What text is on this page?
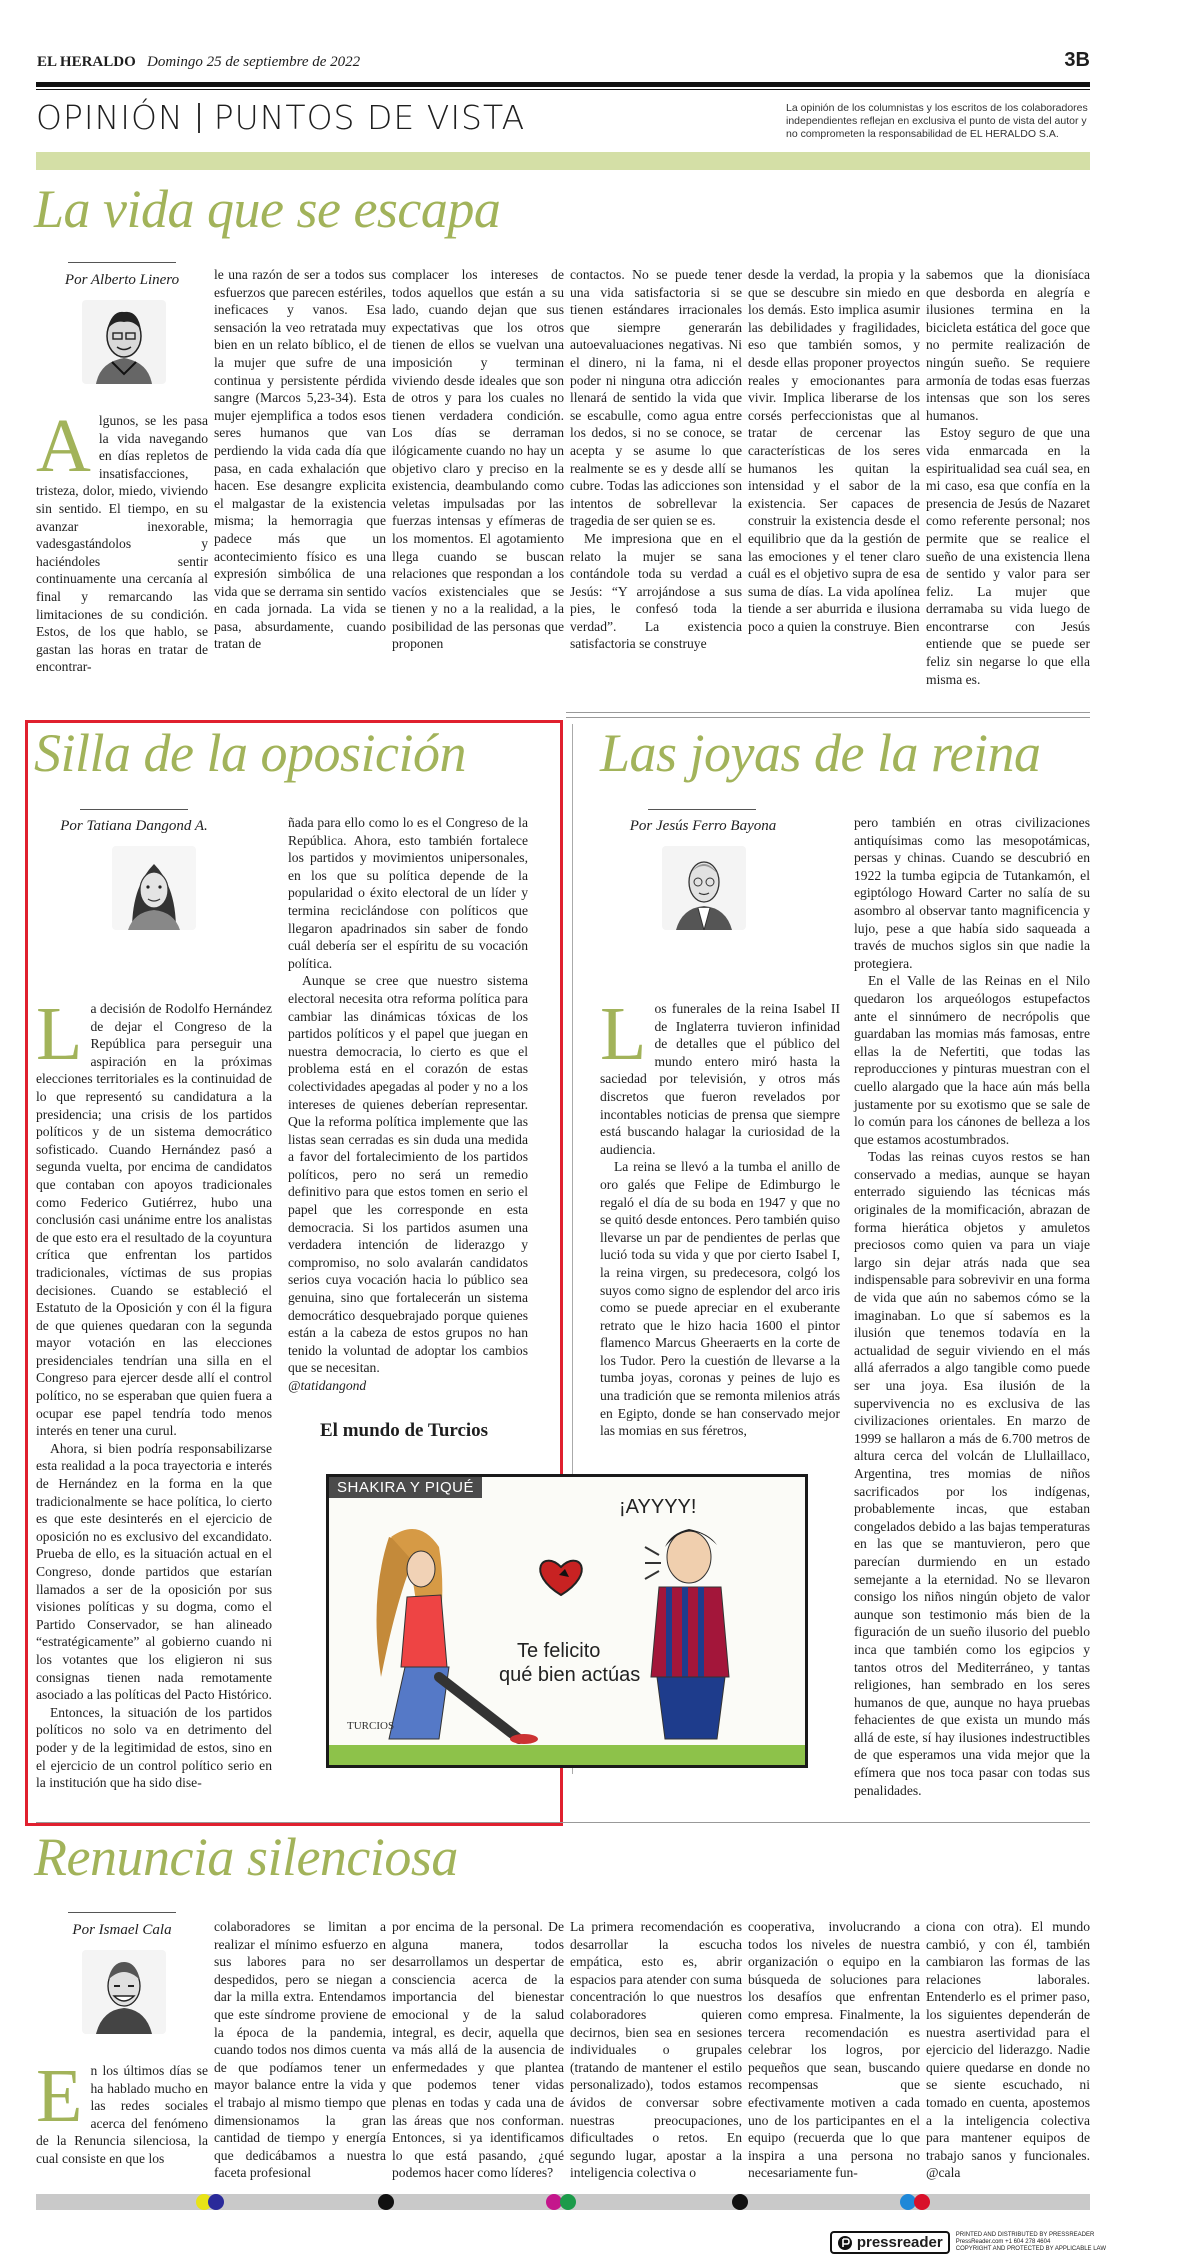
EL HERALDO Domingo 25 de septiembre de 2022	3B
OPINIÓN PUNTOS DE VISTA	La opinión de los columnistas y los escritos de los colaboradores independientes reflejan en exclusiva el punto de vista del autor y no comprometen la responsabilidad de EL HERALDO S.A.
La vida que se escapa
Por Alberto Linero
A lgunos, se les pasa la vida navegando en días repletos de insatisfacciones, tristeza, dolor, miedo, viviendo sin sentido. El tiempo, en su avanzar inexorable, vadesgastándolos y haciéndoles sentir continuamente una cercanía al final y remarcando las limitaciones de su condición. Estos, de los que hablo, se gastan las horas en tratar de encontrar-

le una razón de ser a todos sus esfuerzos que parecen estériles, ineficaces y vanos. Esa sensación la veo retratada muy bien en un relato bíblico, el de la mujer que sufre de una continua y persistente pérdida sangre (Marcos 5,23-34). Esta mujer ejemplifica a todos esos seres humanos que van perdiendo la vida cada día que pasa, en cada exhalación que hacen. Ese desangre explicita el malgastar de la existencia misma; la hemorragia que padece más que un acontecimiento físico es una expresión simbólica de una vida que se derrama sin sentido en cada jornada. La vida se pasa, absurdamente, cuando tratan de

complacer los intereses de todos aquellos que están a su lado, cuando dejan que sus expectativas que los otros tienen de ellos se vuelvan una imposición y terminan viviendo desde ideales que son de otros y para los cuales no tienen verdadera condición. Los días se derraman ilógicamente cuando no hay un objetivo claro y preciso en la existencia, deambulando como veletas impulsadas por las fuerzas intensas y efímeras de los momentos. El agotamiento llega cuando se buscan relaciones que respondan a los vacíos existenciales que se tienen y no a la realidad, a la posibilidad de las personas que proponen

contactos. No se puede tener una vida satisfactoria si se tienen estándares irracionales que siempre generarán autoevaluaciones negativas. Ni el dinero, ni la fama, ni el poder ni ninguna otra adicción llenará de sentido la vida que se escabulle, como agua entre los dedos, si no se conoce, se acepta y se asume lo que realmente se es y desde allí se cubre. Todas las adicciones son intentos de sobrellevar la tragedia de ser quien se es.

Me impresiona que en el relato la mujer se sana contándole toda su verdad a Jesús: “Y arrojándose a sus pies, le confesó toda la verdad”. La existencia satisfactoria se construye

desde la verdad, la propia y la que se descubre sin miedo en los demás. Esto implica asumir las debilidades y fragilidades, eso que también somos, y desde ellas proponer proyectos reales y emocionantes para vivir. Implica liberarse de los corsés perfeccionistas que al tratar de cercenar las características de los seres humanos les quitan la intensidad y el sabor de la existencia. Ser capaces de construir la existencia desde el equilibrio que da la gestión de las emociones y el tener claro cuál es el objetivo supra de esa suma de días. La vida apolínea tiende a ser aburrida e ilusiona poco a quien la construye. Bien

sabemos que la dionisíaca que desborda en alegría e ilusiones termina en la bicicleta estática del goce que no permite realización de ningún sueño. Se requiere armonía de todas esas fuerzas intensas que son los seres humanos.

Estoy seguro de que una vida enmarcada en la espiritualidad sea cuál sea, en mi caso, esa que confía en la presencia de Jesús de Nazaret como referente personal; nos permite que se realice el sueño de una existencia llena de sentido y valor para ser feliz. La mujer que derramaba su vida luego de encontrarse con Jesús entiende que se puede ser feliz sin negarse lo que ella misma es.

Silla de la oposición
Por Tatiana Dangond A.
L a decisión de Rodolfo Hernández de dejar el Congreso de la República para perseguir una aspiración en la próximas elecciones territoriales es la continuidad de lo que representó su candidatura a la presidencia; una crisis de los partidos políticos y de un sistema democrático sofisticado. Cuando Hernández pasó a segunda vuelta, por encima de candidatos que contaban con apoyos tradicionales como Federico Gutiérrez, hubo una conclusión casi unánime entre los analistas de que esto era el resultado de la coyuntura crítica que enfrentan los partidos tradicionales, víctimas de sus propias decisiones. Cuando se estableció el Estatuto de la Oposición y con él la figura de que quienes quedaran con la segunda mayor votación en las elecciones presidenciales tendrían una silla en el Congreso para ejercer desde allí el control político, no se esperaban que quien fuera a ocupar ese papel tendría todo menos interés en tener una curul.

Ahora, si bien podría responsabilizarse esta realidad a la poca trayectoria e interés de Hernández en la forma en la que tradicionalmente se hace política, lo cierto es que este desinterés en el ejercicio de oposición no es exclusivo del excandidato. Prueba de ello, es la situación actual en el Congreso, donde partidos que estarían llamados a ser de la oposición por sus visiones políticas y su dogma, como el Partido Conservador, se han alineado “estratégicamente” al gobierno cuando ni los votantes que los eligieron ni sus consignas tienen nada remotamente asociado a las políticas del Pacto Histórico.

Entonces, la situación de los partidos políticos no solo va en detrimento del poder y de la legitimidad de estos, sino en el ejercicio de un control político serio en la institución que ha sido dise-

ñada para ello como lo es el Congreso de la República. Ahora, esto también fortalece los partidos y movimientos unipersonales, en los que su política depende de la popularidad o éxito electoral de un líder y termina reciclándose con políticos que llegaron apadrinados sin saber de fondo cuál debería ser el espíritu de su vocación política.

Aunque se cree que nuestro sistema electoral necesita otra reforma política para cambiar las dinámicas tóxicas de los partidos políticos y el papel que juegan en nuestra democracia, lo cierto es que el problema está en el corazón de estas colectividades apegadas al poder y no a los intereses de quienes deberían representar. Que la reforma política implemente que las listas sean cerradas es sin duda una medida a favor del fortalecimiento de los partidos políticos, pero no será un remedio definitivo para que estos tomen en serio el papel que les corresponde en esta democracia. Si los partidos asumen una verdadera intención de liderazgo y compromiso, no solo avalarán candidatos serios cuya vocación hacia lo público sea genuina, sino que fortalecerán un sistema democrático desquebrajado porque quienes están a la cabeza de estos grupos no han tenido la voluntad de adoptar los cambios que se necesitan.

@tatidangond

El mundo de Turcios
SHAKIRA Y PIQUÉ
Te felicito
qué bien actúas
¡AYYYY!
TURCIOS
Las joyas de la reina
Por Jesús Ferro Bayona
L os funerales de la reina Isabel II de Inglaterra tuvieron infinidad de detalles que el público del mundo entero miró hasta la saciedad por televisión, y otros más discretos que fueron revelados por incontables noticias de prensa que siempre está buscando halagar la curiosidad de la audiencia.

La reina se llevó a la tumba el anillo de oro galés que Felipe de Edimburgo le regaló el día de su boda en 1947 y que no se quitó desde entonces. Pero también quiso llevarse un par de pendientes de perlas que lució toda su vida y que por cierto Isabel I, la reina virgen, su predecesora, colgó los suyos como signo de esplendor del arco iris como se puede apreciar en el exuberante retrato que le hizo hacia 1600 el pintor flamenco Marcus Gheeraerts en la corte de los Tudor. Pero la cuestión de llevarse a la tumba joyas, coronas y peines de lujo es una tradición que se remonta milenios atrás en Egipto, donde se han conservado mejor las momias en sus féretros,

pero también en otras civilizaciones antiquísimas como las mesopotámicas, persas y chinas. Cuando se descubrió en 1922 la tumba egipcia de Tutankamón, el egiptólogo Howard Carter no salía de su asombro al observar tanto magnificencia y lujo, pese a que había sido saqueada a través de muchos siglos sin que nadie la protegiera.

En el Valle de las Reinas en el Nilo quedaron los arqueólogos estupefactos ante el sinnúmero de necrópolis que guardaban las momias más famosas, entre ellas la de Nefertiti, que todas las reproducciones y pinturas muestran con el cuello alargado que la hace aún más bella justamente por su exotismo que se sale de lo común para los cánones de belleza a los que estamos acostumbrados.

Todas las reinas cuyos restos se han conservado a medias, aunque se hayan enterrado siguiendo las técnicas más originales de la momificación, abrazan de forma hierática objetos y amuletos preciosos como quien va para un viaje largo sin dejar atrás nada que sea indispensable para sobrevivir en una forma de vida que aún no sabemos cómo se la imaginaban. Lo que sí sabemos es la ilusión que tenemos todavía en la actualidad de seguir viviendo en el más allá aferrados a algo tangible como puede ser una joya. Esa ilusión de la supervivencia no es exclusiva de las civilizaciones orientales. En marzo de 1999 se hallaron a más de 6.700 metros de altura cerca del volcán de Llullaillaco, Argentina, tres momias de niños sacrificados por los indígenas, probablemente incas, que estaban congelados debido a las bajas temperaturas en las que se mantuvieron, pero que parecían durmiendo en un estado semejante a la eternidad. No se llevaron consigo los niños ningún objeto de valor aunque son testimonio más bien de la figuración de un sueño ilusorio del pueblo inca que también como los egipcios y tantos otros del Mediterráneo, y tantas religiones, han sembrado en los seres humanos de que, aunque no haya pruebas fehacientes de que exista un mundo más allá de este, sí hay ilusiones indestructibles de que esperamos una vida mejor que la efímera que nos toca pasar con todas sus penalidades.

Renuncia silenciosa
Por Ismael Cala
E n los últimos días se ha hablado mucho en las redes sociales acerca del fenómeno de la Renuncia silenciosa, la cual consiste en que los

colaboradores se limitan a realizar el mínimo esfuerzo en sus labores para no ser despedidos, pero se niegan a dar la milla extra. Entendamos que este síndrome proviene de la época de la pandemia, cuando todos nos dimos cuenta de que podíamos tener un mayor balance entre la vida y el trabajo al mismo tiempo que dimensionamos la gran cantidad de tiempo y energía que dedicábamos a nuestra faceta profesional

por encima de la personal. De alguna manera, todos desarrollamos un despertar de consciencia acerca de la importancia del bienestar emocional y de la salud integral, es decir, aquella que va más allá de la ausencia de enfermedades y que plantea que podemos tener vidas plenas en todas y cada una de las áreas que nos conforman. Entonces, si ya identificamos lo que está pasando, ¿qué podemos hacer como líderes?

La primera recomendación es desarrollar la escucha empática, esto es, abrir espacios para atender con suma concentración lo que nuestros colaboradores quieren decirnos, bien sea en sesiones individuales o grupales (tratando de mantener el estilo personalizado), todos estamos ávidos de conversar sobre nuestras preocupaciones, dificultades o retos. En segundo lugar, apostar a la inteligencia colectiva o

cooperativa, involucrando a todos los niveles de nuestra organización o equipo en la búsqueda de soluciones para los desafíos que enfrentan como empresa. Finalmente, la tercera recomendación es celebrar los logros, por pequeños que sean, buscando recompensas que efectivamente motiven a cada uno de los participantes en el equipo (recuerda que lo que inspira a una persona no necesariamente fun-

ciona con otra). El mundo cambió, y con él, también cambiaron las formas de las relaciones laborales. Entenderlo es el primer paso, los siguientes dependerán de nuestra asertividad para el ejercicio del liderazgo. Nadie quiere quedarse en donde no se siente escuchado, ni tomado en cuenta, apostemos a la inteligencia colectiva para mantener equipos de trabajo sanos y funcionales. @cala

pressreader PRINTED AND DISTRIBUTED BY PRESSREADER
PressReader.com +1 604 278 4604
COPYRIGHT AND PROTECTED BY APPLICABLE LAW
